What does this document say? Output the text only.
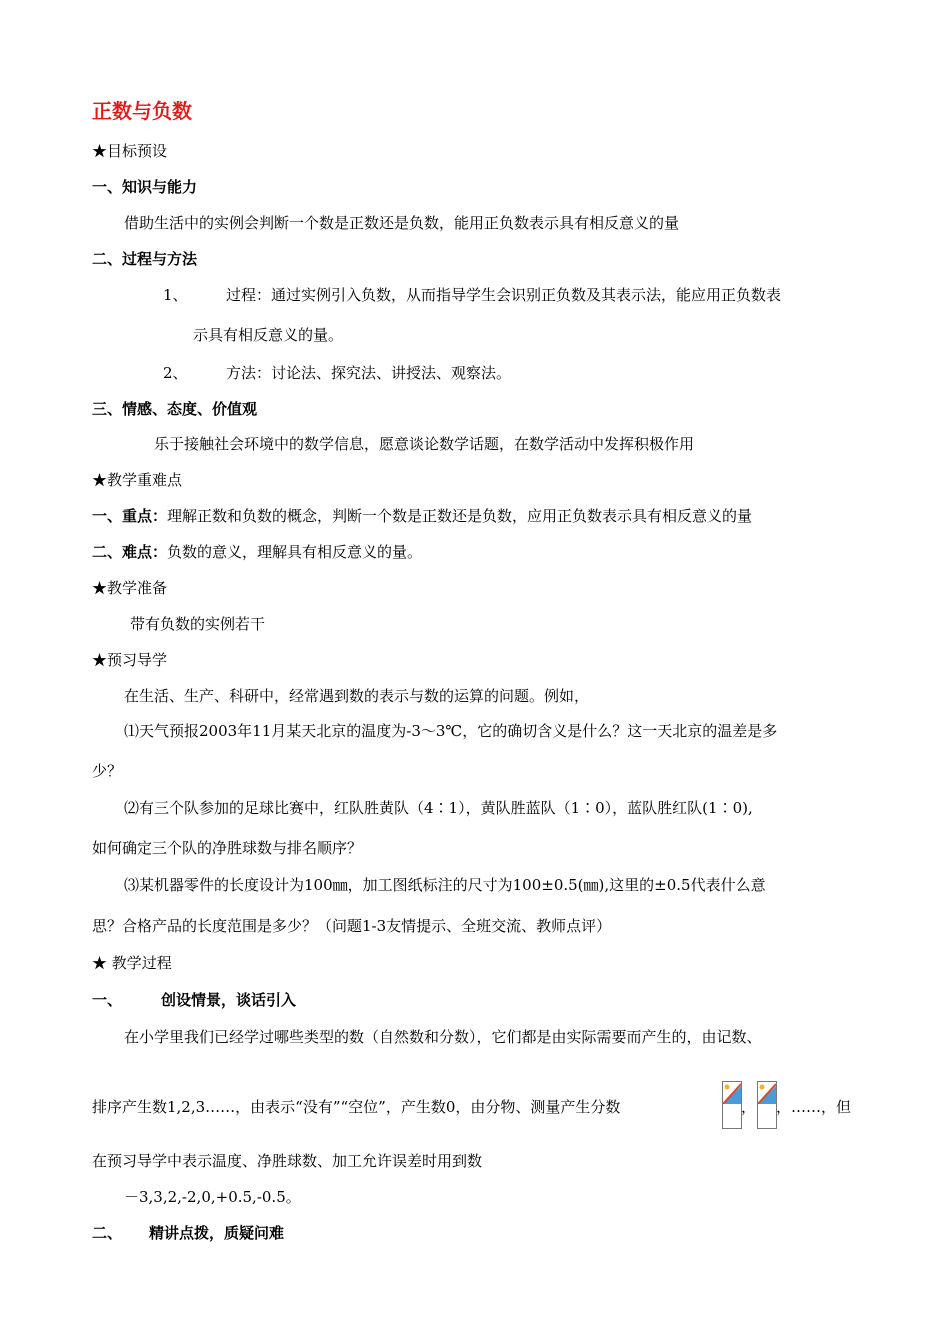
正数与负数
★目标预设
一、知识与能力
借助生活中的实例会判断一个数是正数还是负数，能用正负数表示具有相反意义的量
二、过程与方法
1、	过程：通过实例引入负数，从而指导学生会识别正负数及其表示法，能应用正负数表
示具有相反意义的量。
2、	方法：讨论法、探究法、讲授法、观察法。
三、情感、态度、价值观
乐于接触社会环境中的数学信息，愿意谈论数学话题，在数学活动中发挥积极作用
★教学重难点
一、重点：理解正数和负数的概念，判断一个数是正数还是负数，应用正负数表示具有相反意义的量
二、难点：负数的意义，理解具有相反意义的量。
★教学准备
带有负数的实例若干
★预习导学
在生活、生产、科研中，经常遇到数的表示与数的运算的问题。例如，
⑴天气预报2003年11月某天北京的温度为-3～3℃，它的确切含义是什么？这一天北京的温差是多
少？
⑵有三个队参加的足球比赛中，红队胜黄队（4∶1），黄队胜蓝队（1∶0），蓝队胜红队(1∶0),
如何确定三个队的净胜球数与排名顺序？
⑶某机器零件的长度设计为100㎜，加工图纸标注的尺寸为100±0.5(㎜),这里的±0.5代表什么意
思？合格产品的长度范围是多少？（问题1-3友情提示、全班交流、教师点评）
★ 教学过程
一、	创设情景，谈话引入
在小学里我们已经学过哪些类型的数（自然数和分数），它们都是由实际需要而产生的，由记数、
排序产生数1,2,3……，由表示“没有”“空位”，产生数0，由分物、测量产生分数	， ，……，但
在预习导学中表示温度、净胜球数、加工允许误差时用到数
－3,3,2,-2,0,+0.5,-0.5。
二、 精讲点拨，质疑问难
